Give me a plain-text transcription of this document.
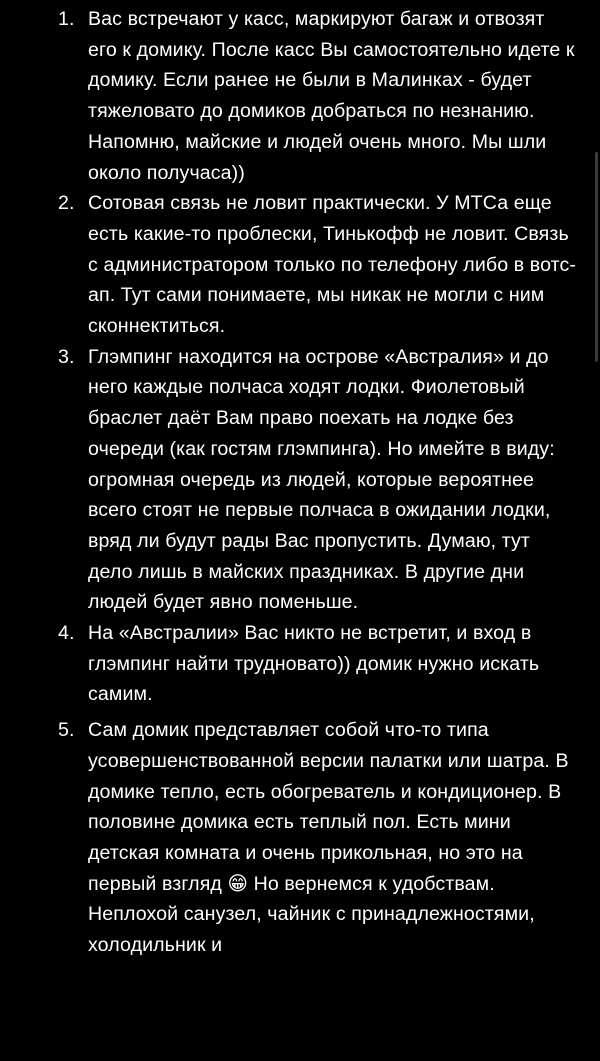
1. Вас встречают у касс, маркируют багаж и отвозят его к домику. После касс Вы самостоятельно идете к домику. Если ранее не были в Малинках - будет тяжеловато до домиков добраться по незнанию. Напомню, майские и людей очень много. Мы шли около получаса))
2. Сотовая связь не ловит практически. У МТСа еще есть какие-то проблески, Тинькофф не ловит. Связь с администратором только по телефону либо в вотс-ап. Тут сами понимаете, мы никак не могли с ним сконнектиться.
3. Глэмпинг находится на острове «Австралия» и до него каждые полчаса ходят лодки. Фиолетовый браслет даёт Вам право поехать на лодке без очереди (как гостям глэмпинга). Но имейте в виду: огромная очередь из людей, которые вероятнее всего стоят не первые полчаса в ожидании лодки, вряд ли будут рады Вас пропустить. Думаю, тут дело лишь в майских праздниках. В другие дни людей будет явно поменьше.
4. На «Австралии» Вас никто не встретит, и вход в глэмпинг найти трудновато)) домик нужно искать самим.
5. Сам домик представляет собой что-то типа усовершенствованной версии палатки или шатра. В домике тепло, есть обогреватель и кондиционер. В половине домика есть теплый пол. Есть мини детская комната и очень прикольная, но это на первый взгляд 😁 Но вернемся к удобствам. Неплохой санузел, чайник с принадлежностями, холодильник и
